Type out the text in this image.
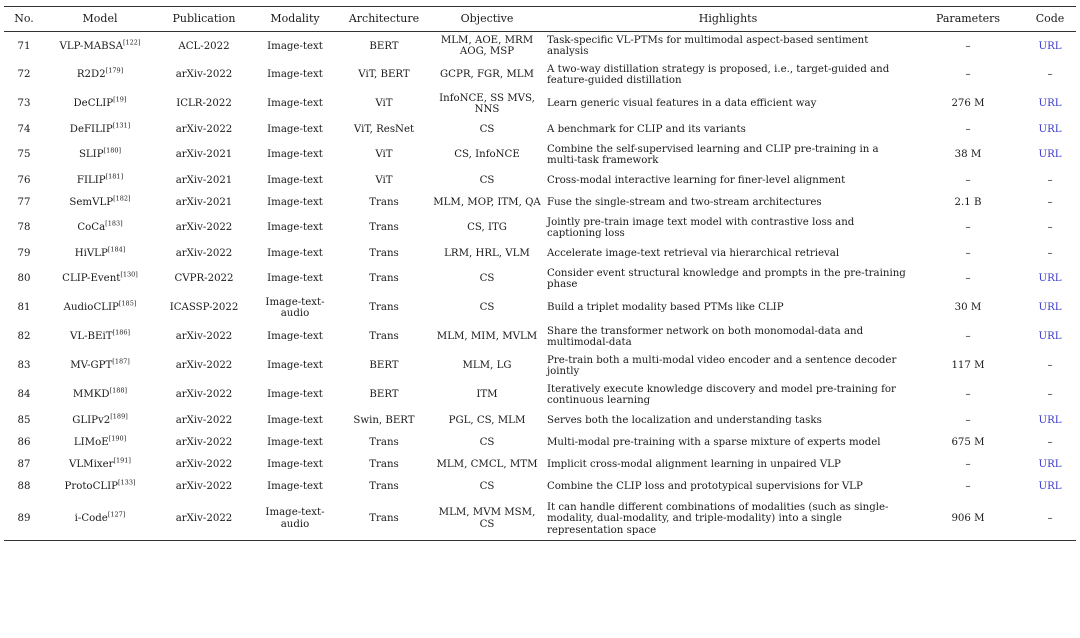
No.	Model	Publication	Modality	Architecture	Objective	Highlights	Parameters	Code
71	VLP-MABSA[122]	ACL-2022	Image-text	BERT	MLM, AOE, MRM AOG, MSP	Task-specific VL-PTMs for multimodal aspect-based sentiment analysis	–	URL
72	R2D2[179]	arXiv-2022	Image-text	ViT, BERT	GCPR, FGR, MLM	A two-way distillation strategy is proposed, i.e., target-guided and feature-guided distillation	–	–
73	DeCLIP[19]	ICLR-2022	Image-text	ViT	InfoNCE, SS MVS, NNS	Learn generic visual features in a data efficient way	276 M	URL
74	DeFILIP[131]	arXiv-2022	Image-text	ViT, ResNet	CS	A benchmark for CLIP and its variants	–	URL
75	SLIP[180]	arXiv-2021	Image-text	ViT	CS, InfoNCE	Combine the self-supervised learning and CLIP pre-training in a multi-task framework	38 M	URL
76	FILIP[181]	arXiv-2021	Image-text	ViT	CS	Cross-modal interactive learning for finer-level alignment	–	–
77	SemVLP[182]	arXiv-2021	Image-text	Trans	MLM, MOP, ITM, QA	Fuse the single-stream and two-stream architectures	2.1 B	–
78	CoCa[183]	arXiv-2022	Image-text	Trans	CS, ITG	Jointly pre-train image text model with contrastive loss and captioning loss	–	–
79	HiVLP[184]	arXiv-2022	Image-text	Trans	LRM, HRL, VLM	Accelerate image-text retrieval via hierarchical retrieval	–	–
80	CLIP-Event[130]	CVPR-2022	Image-text	Trans	CS	Consider event structural knowledge and prompts in the pre-training phase	–	URL
81	AudioCLIP[185]	ICASSP-2022	Image-text-audio	Trans	CS	Build a triplet modality based PTMs like CLIP	30 M	URL
82	VL-BEiT[186]	arXiv-2022	Image-text	Trans	MLM, MIM, MVLM	Share the transformer network on both monomodal-data and multimodal-data	–	URL
83	MV-GPT[187]	arXiv-2022	Image-text	BERT	MLM, LG	Pre-train both a multi-modal video encoder and a sentence decoder jointly	117 M	–
84	MMKD[188]	arXiv-2022	Image-text	BERT	ITM	Iteratively execute knowledge discovery and model pre-training for continuous learning	–	–
85	GLIPv2[189]	arXiv-2022	Image-text	Swin, BERT	PGL, CS, MLM	Serves both the localization and understanding tasks	–	URL
86	LIMoE[190]	arXiv-2022	Image-text	Trans	CS	Multi-modal pre-training with a sparse mixture of experts model	675 M	–
87	VLMixer[191]	arXiv-2022	Image-text	Trans	MLM, CMCL, MTM	Implicit cross-modal alignment learning in unpaired VLP	–	URL
88	ProtoCLIP[133]	arXiv-2022	Image-text	Trans	CS	Combine the CLIP loss and prototypical supervisions for VLP	–	URL
89	i-Code[127]	arXiv-2022	Image-text-audio	Trans	MLM, MVM MSM, CS	It can handle different combinations of modalities (such as single-modality, dual-modality, and triple-modality) into a single representation space	906 M	–
